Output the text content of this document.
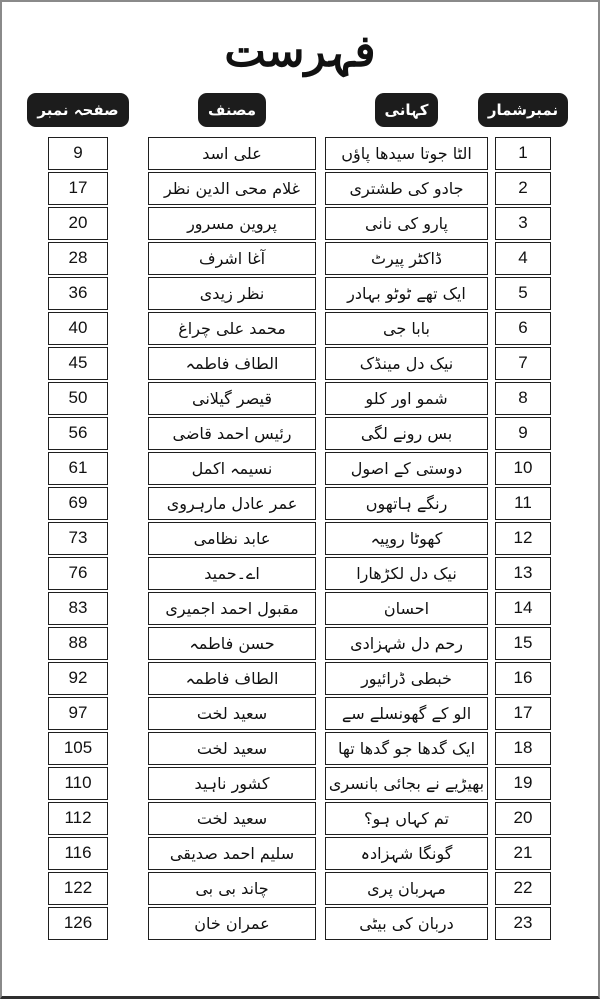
فہرست
نمبرشمار
کہانی
مصنف
صفحہ نمبر
1
الٹا جوتا سیدھا پاؤں
علی اسد
9
2
جادو کی طشتری
غلام محی الدین نظر
17
3
پارو کی نانی
پروین مسرور
20
4
ڈاکٹر پیرٹ
آغا اشرف
28
5
ایک تھے ٹوٹو بہادر
نظر زیدی
36
6
بابا جی
محمد علی چراغ
40
7
نیک دل مینڈک
الطاف فاطمہ
45
8
شمو اور کلو
قیصر گیلانی
50
9
بس رونے لگی
رئیس احمد قاضی
56
10
دوستی کے اصول
نسیمہ اکمل
61
11
رنگے ہاتھوں
عمر عادل مارہروی
69
12
کھوٹا روپیہ
عابد نظامی
73
13
نیک دل لکڑھارا
اے۔حمید
76
14
احسان
مقبول احمد اجمیری
83
15
رحم دل شہزادی
حسن فاطمہ
88
16
خبطی ڈرائیور
الطاف فاطمہ
92
17
الو کے گھونسلے سے
سعید لخت
97
18
ایک گدھا جو گدھا تھا
سعید لخت
105
19
بھیڑیے نے بجائی بانسری
کشور ناہید
110
20
تم کہاں ہو؟
سعید لخت
112
21
گونگا شہزادہ
سلیم احمد صدیقی
116
22
مہربان پری
چاند بی بی
122
23
دربان کی بیٹی
عمران خان
126
